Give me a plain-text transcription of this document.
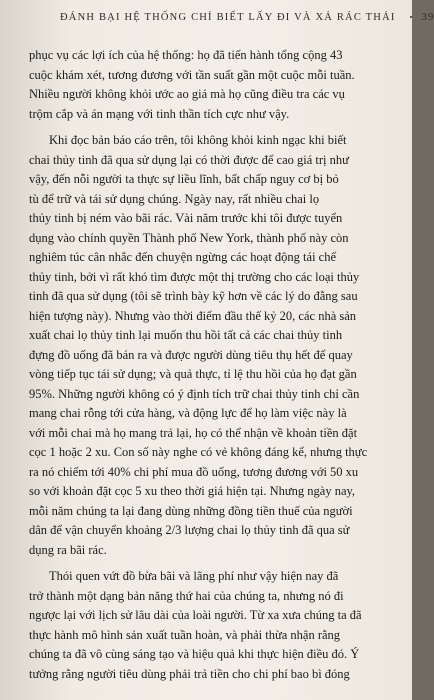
ĐÁNH BẠI HỆ THỐNG CHỈ BIẾT LẤY ĐI VÀ XẢ RÁC THẢI • 39

phục vụ các lợi ích của hệ thống: họ đã tiến hành tổng cộng 43
cuộc khám xét, tương đương với tần suất gần một cuộc mỗi tuần.
Nhiều người không khỏi ước ao giá mà họ cũng điều tra các vụ
trộm cắp và án mạng với tinh thần tích cực như vậy.

Khi đọc bản báo cáo trên, tôi không khỏi kinh ngạc khi biết
chai thủy tinh đã qua sử dụng lại có thời được để cao giá trị như
vậy, đến nỗi người ta thực sự liều lĩnh, bất chấp nguy cơ bị bỏ
tù để trữ và tái sử dụng chúng. Ngày nay, rất nhiều chai lọ
thủy tinh bị ném vào bãi rác. Vài năm trước khi tôi được tuyển
dụng vào chính quyền Thành phố New York, thành phố này còn
nghiêm túc cân nhắc đến chuyện ngừng các hoạt động tái chế
thủy tinh, bởi vì rất khó tìm được một thị trường cho các loại thủy
tinh đã qua sử dụng (tôi sẽ trình bày kỹ hơn về các lý do đằng sau
hiện tượng này). Nhưng vào thời điểm đầu thế kỷ 20, các nhà sản
xuất chai lọ thủy tinh lại muốn thu hồi tất cả các chai thủy tinh
đựng đồ uống đã bán ra và được người dùng tiêu thụ hết để quay
vòng tiếp tục tái sử dụng; và quả thực, tỉ lệ thu hồi của họ đạt gần
95%. Những người không có ý định tích trữ chai thủy tinh chỉ cần
mang chai rỗng tới cửa hàng, và động lực để họ làm việc này là
với mỗi chai mà họ mang trả lại, họ có thể nhận về khoản tiền đặt
cọc 1 hoặc 2 xu. Con số này nghe có vẻ không đáng kể, nhưng thực
ra nó chiếm tới 40% chi phí mua đồ uống, tương đương với 50 xu
so với khoản đặt cọc 5 xu theo thời giá hiện tại. Nhưng ngày nay,
mỗi năm chúng ta lại đang dùng những đồng tiền thuế của người
dân để vận chuyển khoảng 2/3 lượng chai lọ thủy tinh đã qua sử
dụng ra bãi rác.

Thói quen vứt đồ bừa bãi và lãng phí như vậy hiện nay đã
trở thành một dạng bản năng thứ hai của chúng ta, nhưng nó đi
ngược lại với lịch sử lâu dài của loài người. Từ xa xưa chúng ta đã
thực hành mô hình sản xuất tuần hoàn, và phải thừa nhận rằng
chúng ta đã vô cùng sáng tạo và hiệu quả khi thực hiện điều đó. Ý
tưởng rằng người tiêu dùng phải trả tiền cho chi phí bao bì đóng
